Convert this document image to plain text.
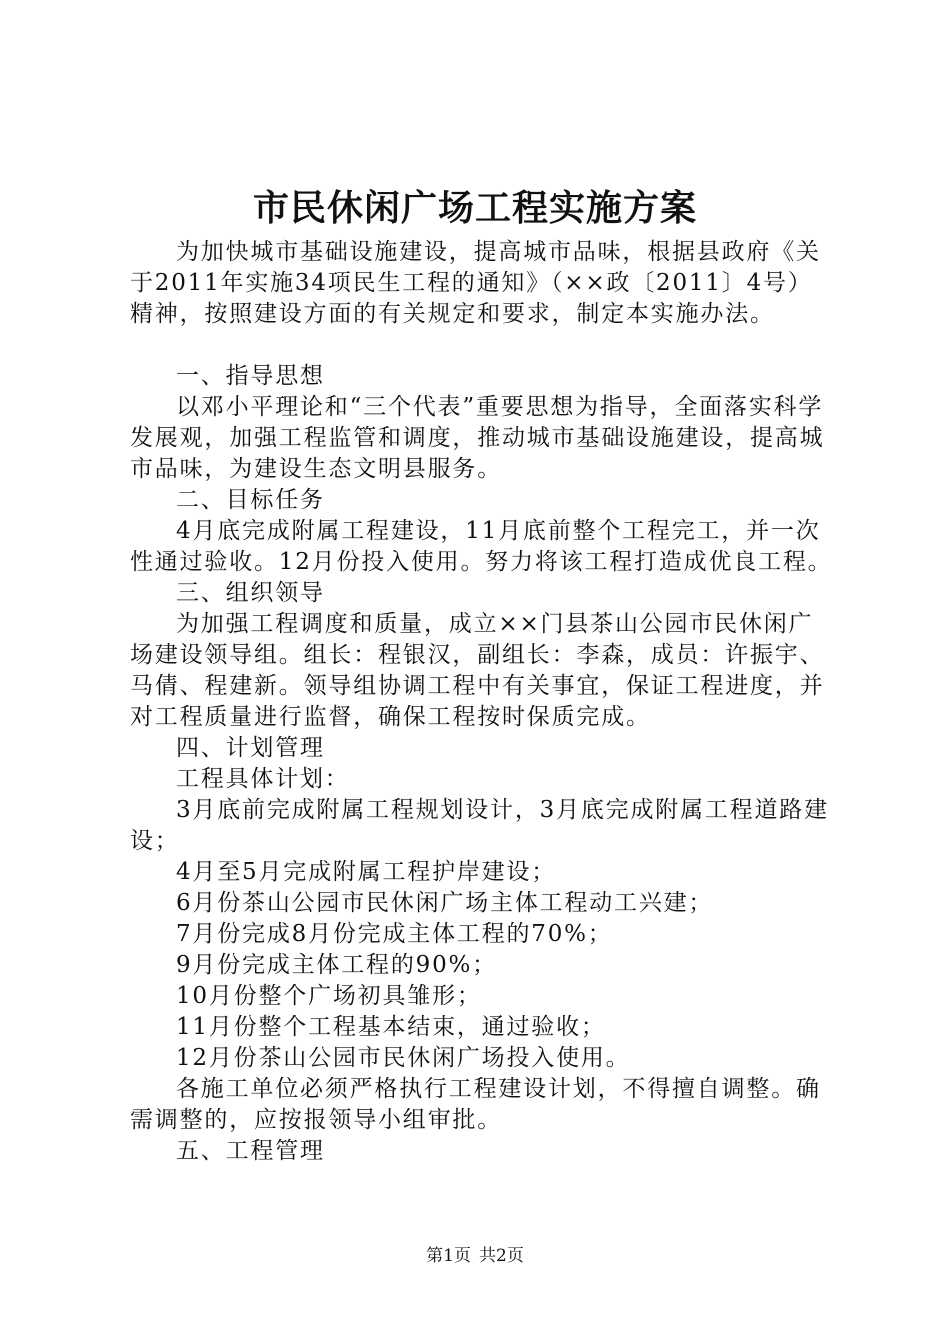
市民休闲广场工程实施方案

为加快城市基础设施建设，提高城市品味，根据县政府《关于2011年实施34项民生工程的通知》（××政〔2011〕4号）精神，按照建设方面的有关规定和要求，制定本实施办法。

一、指导思想

以邓小平理论和“三个代表”重要思想为指导，全面落实科学发展观，加强工程监管和调度，推动城市基础设施建设，提高城市品味，为建设生态文明县服务。

二、目标任务

4月底完成附属工程建设，11月底前整个工程完工，并一次性通过验收。12月份投入使用。努力将该工程打造成优良工程。

三、组织领导

为加强工程调度和质量，成立××门县茶山公园市民休闲广场建设领导组。组长：程银汉，副组长：李森，成员：许振宇、马倩、程建新。领导组协调工程中有关事宜，保证工程进度，并对工程质量进行监督，确保工程按时保质完成。

四、计划管理

工程具体计划：

3月底前完成附属工程规划设计，3月底完成附属工程道路建设；

4月至5月完成附属工程护岸建设；

6月份茶山公园市民休闲广场主体工程动工兴建；

7月份完成8月份完成主体工程的70%；

9月份完成主体工程的90%；

10月份整个广场初具雏形；

11月份整个工程基本结束，通过验收；

12月份茶山公园市民休闲广场投入使用。

各施工单位必须严格执行工程建设计划，不得擅自调整。确需调整的，应按报领导小组审批。

五、工程管理

第1页 共2页
